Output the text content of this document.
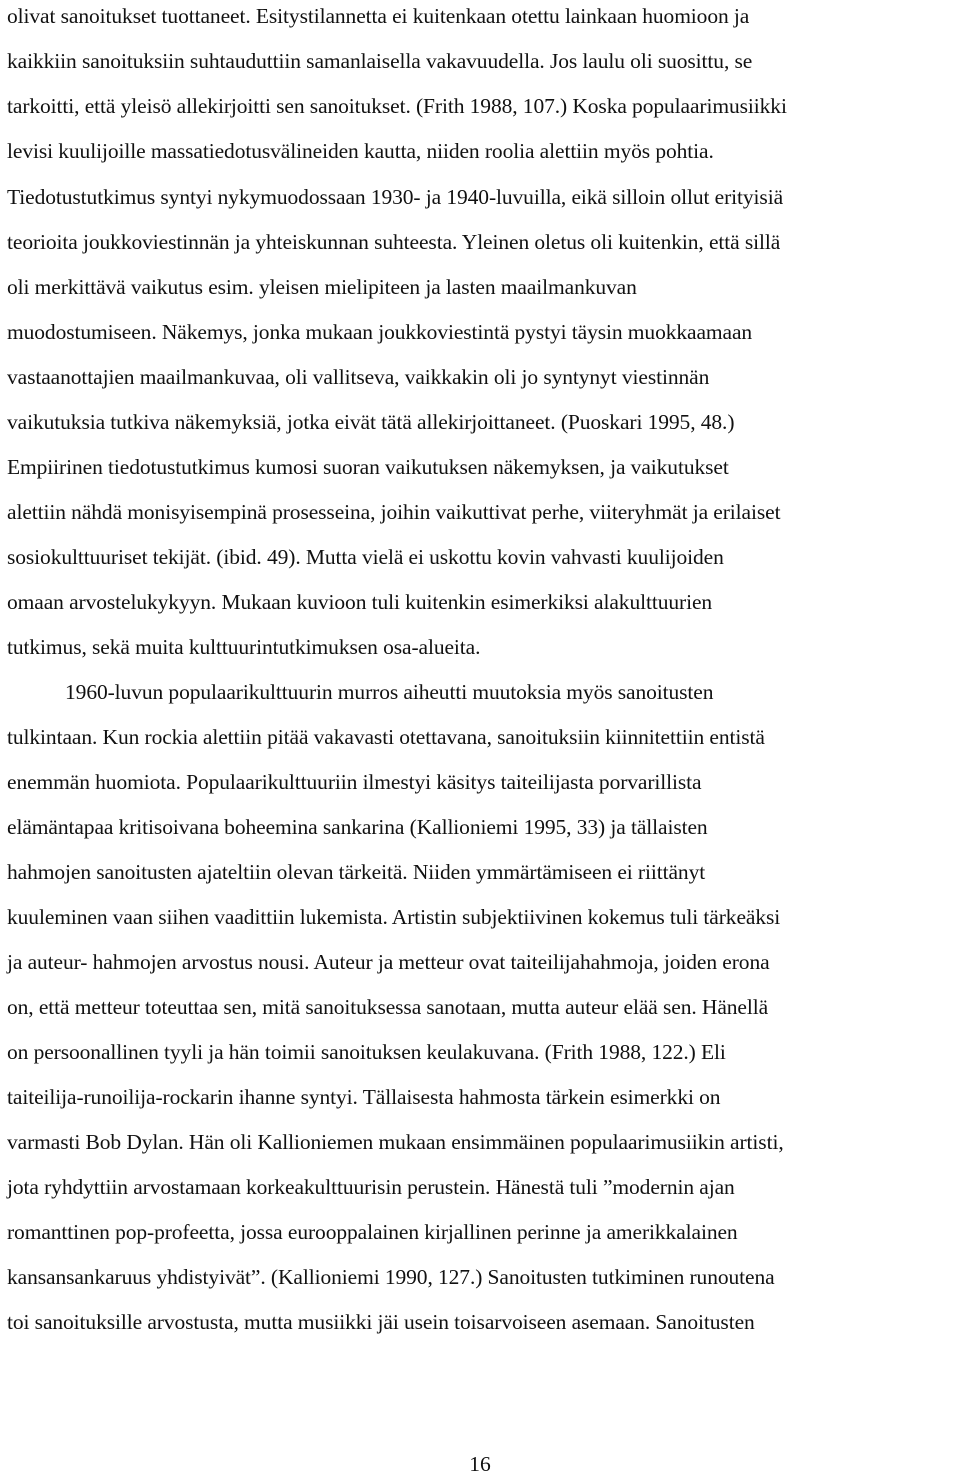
olivat sanoitukset tuottaneet. Esitystilannetta ei kuitenkaan otettu lainkaan huomioon ja
kaikkiin sanoituksiin suhtauduttiin samanlaisella vakavuudella. Jos laulu oli suosittu, se
tarkoitti, että yleisö allekirjoitti sen sanoitukset. (Frith 1988, 107.) Koska populaarimusiikki
levisi kuulijoille massatiedotusvälineiden kautta, niiden roolia alettiin myös pohtia.
Tiedotustutkimus syntyi nykymuodossaan 1930- ja 1940-luvuilla, eikä silloin ollut erityisiä
teorioita joukkoviestinnän ja yhteiskunnan suhteesta. Yleinen oletus oli kuitenkin, että sillä
oli merkittävä vaikutus esim. yleisen mielipiteen ja lasten maailmankuvan
muodostumiseen. Näkemys, jonka mukaan joukkoviestintä pystyi täysin muokkaamaan
vastaanottajien maailmankuvaa, oli vallitseva, vaikkakin oli jo syntynyt viestinnän
vaikutuksia tutkiva näkemyksiä, jotka eivät tätä allekirjoittaneet. (Puoskari 1995, 48.)
Empiirinen tiedotustutkimus kumosi suoran vaikutuksen näkemyksen, ja vaikutukset
alettiin nähdä monisyisempinä prosesseina, joihin vaikuttivat perhe, viiteryhmät ja erilaiset
sosiokulttuuriset tekijät. (ibid. 49). Mutta vielä ei uskottu kovin vahvasti kuulijoiden
omaan arvostelukykyyn. Mukaan kuvioon tuli kuitenkin esimerkiksi alakulttuurien
tutkimus, sekä muita kulttuurintutkimuksen osa-alueita.
1960-luvun populaarikulttuurin murros aiheutti muutoksia myös sanoitusten
tulkintaan. Kun rockia alettiin pitää vakavasti otettavana, sanoituksiin kiinnitettiin entistä
enemmän huomiota. Populaarikulttuuriin ilmestyi käsitys taiteilijasta porvarillista
elämäntapaa kritisoivana boheemina sankarina (Kallioniemi 1995, 33) ja tällaisten
hahmojen sanoitusten ajateltiin olevan tärkeitä. Niiden ymmärtämiseen ei riittänyt
kuuleminen vaan siihen vaadittiin lukemista. Artistin subjektiivinen kokemus tuli tärkeäksi
ja auteur- hahmojen arvostus nousi. Auteur ja metteur ovat taiteilijahahmoja, joiden erona
on, että metteur toteuttaa sen, mitä sanoituksessa sanotaan, mutta auteur elää sen. Hänellä
on persoonallinen tyyli ja hän toimii sanoituksen keulakuvana. (Frith 1988, 122.) Eli
taiteilija-runoilija-rockarin ihanne syntyi. Tällaisesta hahmosta tärkein esimerkki on
varmasti Bob Dylan. Hän oli Kallioniemen mukaan ensimmäinen populaarimusiikin artisti,
jota ryhdyttiin arvostamaan korkeakulttuurisin perustein. Hänestä tuli ”modernin ajan
romanttinen pop-profeetta, jossa eurooppalainen kirjallinen perinne ja amerikkalainen
kansansankaruus yhdistyivät”. (Kallioniemi 1990, 127.) Sanoitusten tutkiminen runoutena
toi sanoituksille arvostusta, mutta musiikki jäi usein toisarvoiseen asemaan. Sanoitusten
16
